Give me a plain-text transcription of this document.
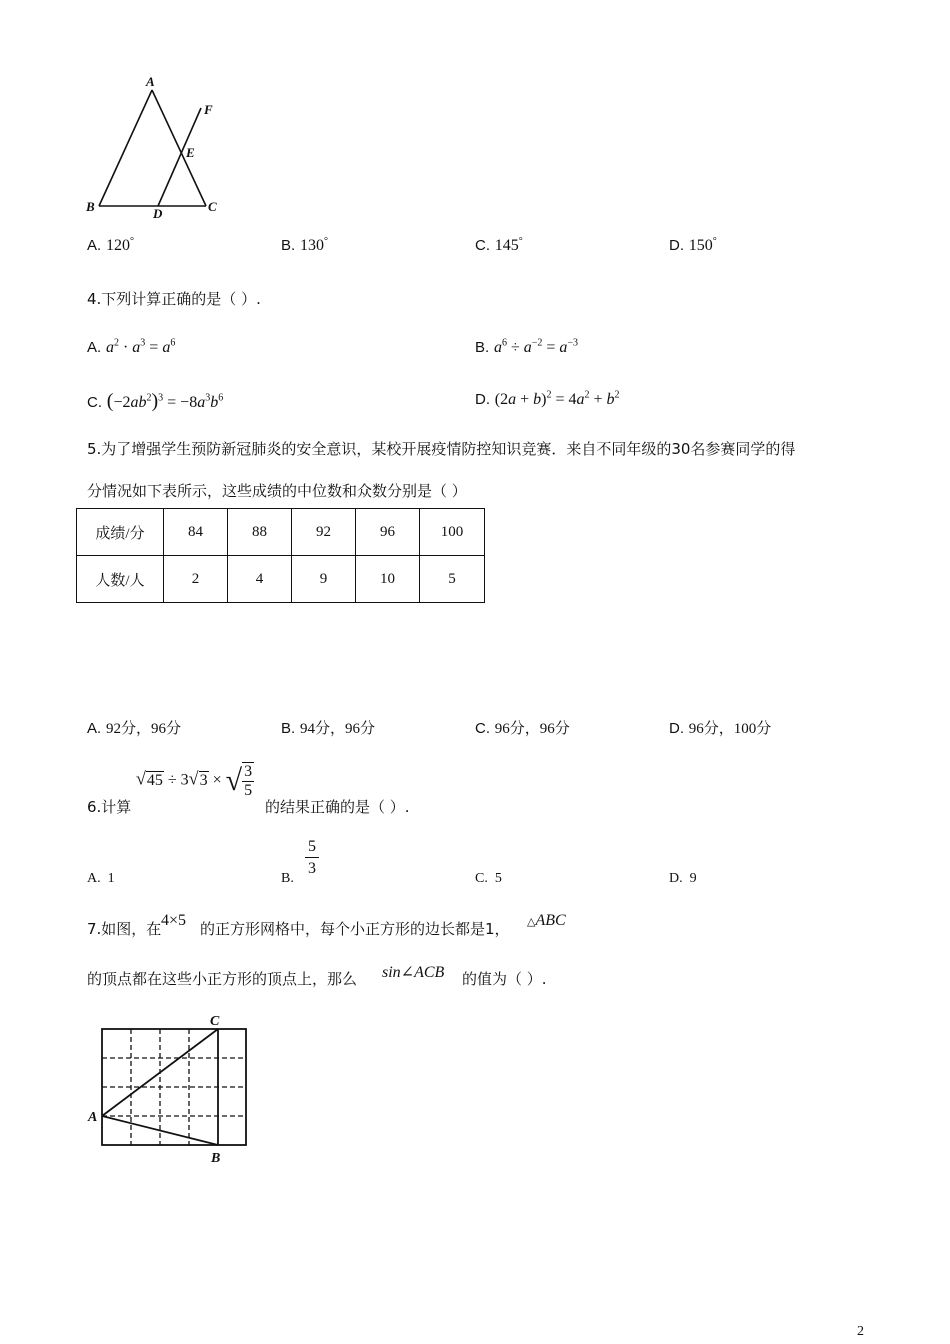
A
B	C
D
E
F
A. 120°	B. 130°	C. 145°	D. 150°
4.下列计算正确的是（ ）.
A. $a^2 \cdot a^3 = a^6$	B. $a^6 \div a^{-2} = a^{-3}$
C. $(-2ab^2)^3 = -8a^3b^6$	D. $(2a + b)^2 = 4a^2 + b^2$
5.为了增强学生预防新冠肺炎的安全意识，某校开展疫情防控知识竞赛．来自不同年级的30名参赛同学的得
分情况如下表所示，这些成绩的中位数和众数分别是（ ）
成绩/分	84	88	92	96	100
人数/人	2	4	9	10	5
A. 92分，96分	B. 94分，96分	C. 96分，96分	D. 96分，100分
6.计算
√45 ÷ 3√3 × √ $\frac{3}{5}$
的结果正确的是（ ）.
A. 1	B.
5
3
C. 5	D. 9
7.如图，在 4×5 的正方形网格中，每个小正方形的边长都是1， △ABC
的顶点都在这些小正方形的顶点上，那么 sin∠ACB 的值为（ ）.
C
A
B
2
